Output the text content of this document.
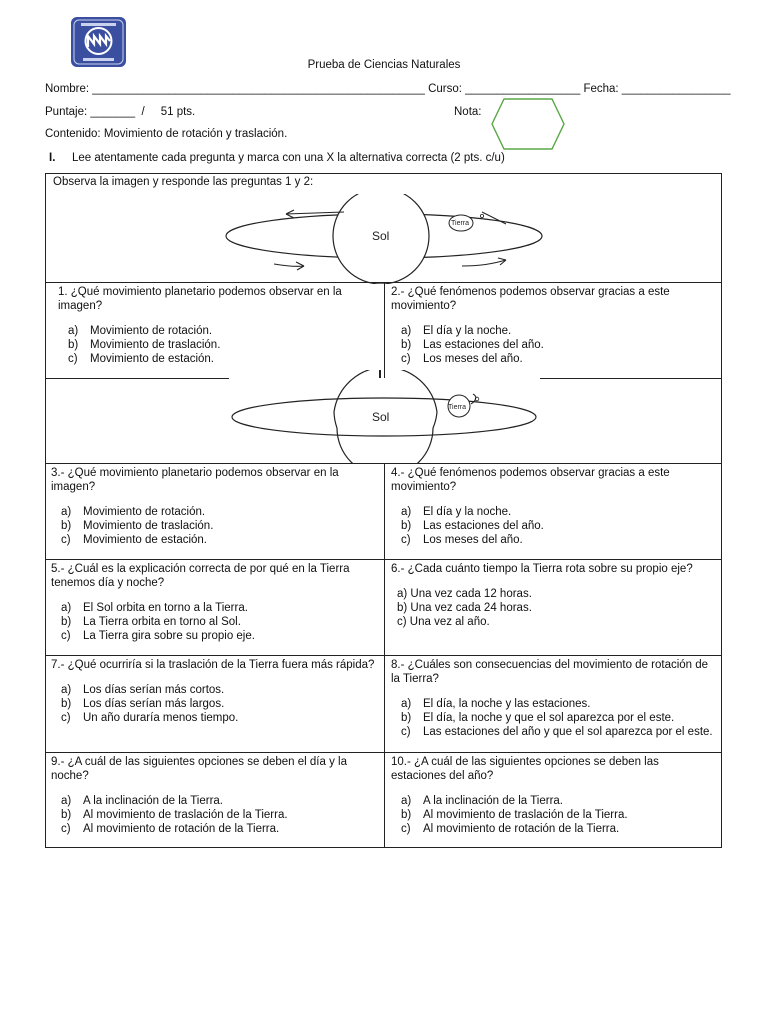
Prueba de Ciencias Naturales
Nombre: ____________________________________________________ Curso: __________________ Fecha: _________________
Puntaje: _______  /     51 pts.	Nota:
Contenido: Movimiento de rotación y traslación.
I. Lee atentamente cada pregunta y marca con una X la alternativa correcta (2 pts. c/u)
Observa la imagen y responde las preguntas 1 y 2:
Sol
Tierra
Sol
Tierra

1. ¿Qué movimiento planetario podemos observar en la imagen?

a) Movimiento de rotación.
b) Movimiento de traslación.
c) Movimiento de estación.

2.- ¿Qué fenómenos podemos observar gracias a este movimiento?

a) El día y la noche.
b) Las estaciones del año.
c) Los meses del año.

3.- ¿Qué movimiento planetario podemos observar en la imagen?

a) Movimiento de rotación.
b) Movimiento de traslación.
c) Movimiento de estación.

4.- ¿Qué fenómenos podemos observar gracias a este movimiento?

a) El día y la noche.
b) Las estaciones del año.
c) Los meses del año.

5.- ¿Cuál es la explicación correcta de por qué en la Tierra tenemos día y noche?

a) El Sol orbita en torno a la Tierra.
b) La Tierra orbita en torno al Sol.
c) La Tierra gira sobre su propio eje.

6.- ¿Cada cuánto tiempo la Tierra rota sobre su propio eje?

a) Una vez cada 12 horas.
b) Una vez cada 24 horas.
c) Una vez al año.

7.- ¿Qué ocurriría si la traslación de la Tierra fuera más rápida?

a) Los días serían más cortos.
b) Los días serían más largos.
c) Un año duraría menos tiempo.

8.- ¿Cuáles son consecuencias del movimiento de rotación de la Tierra?

a) El día, la noche y las estaciones.
b) El día, la noche y que el sol aparezca por el este.
c) Las estaciones del año y que el sol aparezca por el este.

9.- ¿A cuál de las siguientes opciones se deben el día y la noche?

a) A la inclinación de la Tierra.
b) Al movimiento de traslación de la Tierra.
c) Al movimiento de rotación de la Tierra.

10.- ¿A cuál de las siguientes opciones se deben las estaciones del año?

a) A la inclinación de la Tierra.
b) Al movimiento de traslación de la Tierra.
c) Al movimiento de rotación de la Tierra.
